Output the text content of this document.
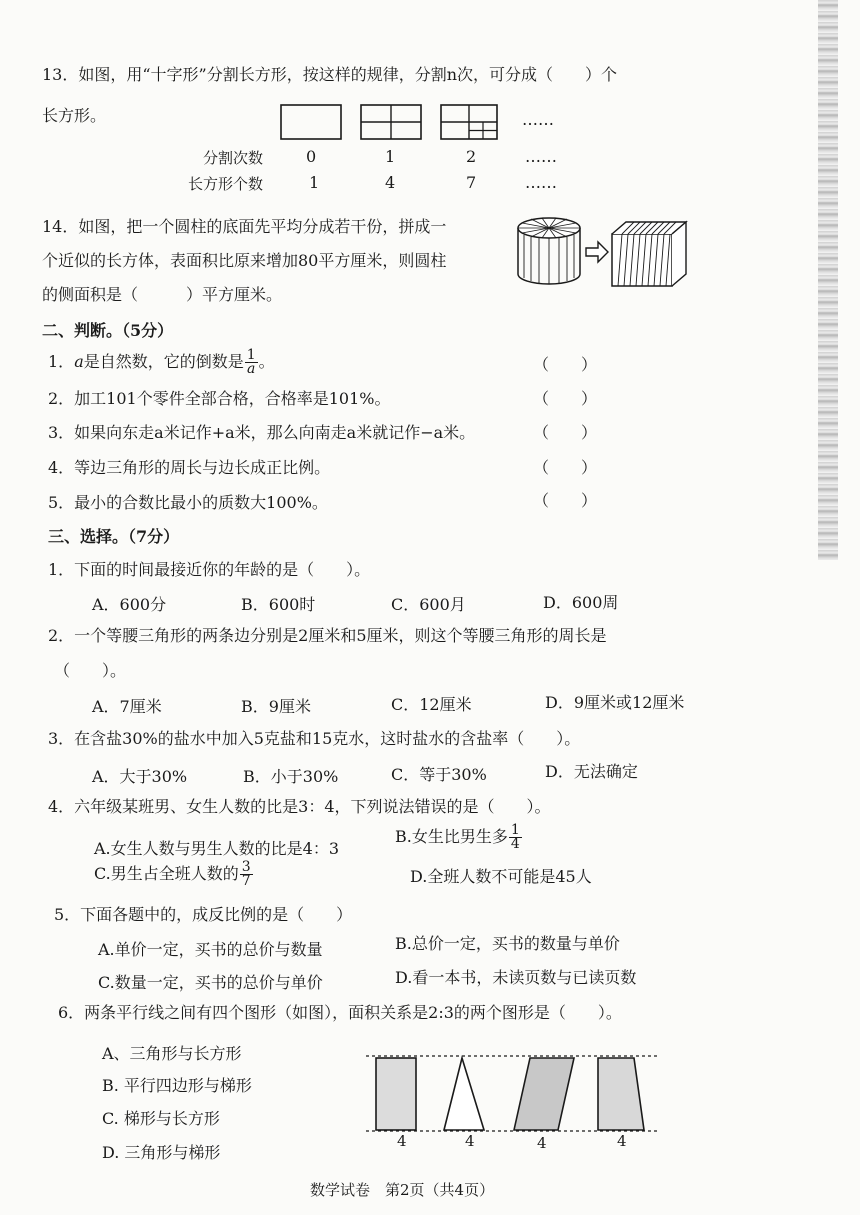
13．如图，用“十字形”分割长方形，按这样的规律，分割n次，可分成（　　）个
长方形。	……
分割次数	0	1	2	……
长方形个数	1	4	7	……
14．如图，把一个圆柱的底面先平均分成若干份，拼成一
个近似的长方体，表面积比原来增加80平方厘米，则圆柱
的侧面积是（　　　）平方厘米。
二、判断。（5分）
1．a是自然数，它的倒数是 $\frac{1}{a}$ 。	（　　）
2．加工101个零件全部合格，合格率是101%。	（　　）
3．如果向东走a米记作+a米，那么向南走a米就记作−a米。	（　　）
4．等边三角形的周长与边长成正比例。	（　　）
5．最小的合数比最小的质数大100%。	（　　）
三、选择。（7分）
1．下面的时间最接近你的年龄的是（　　）。
A．600分	B．600时	C．600月	D．600周
2．一个等腰三角形的两条边分别是2厘米和5厘米，则这个等腰三角形的周长是
（　　）。
A．7厘米	B．9厘米	C．12厘米	D．9厘米或12厘米
3．在含盐30%的盐水中加入5克盐和15克水，这时盐水的含盐率（　　）。
A．大于30%	B．小于30%	C．等于30%	D．无法确定
4．六年级某班男、女生人数的比是3：4，下列说法错误的是（　　）。
A.女生人数与男生人数的比是4：3
B.女生比男生多 $\frac{1}{4}$
C.男生占全班人数的 $\frac{3}{7}$	D.全班人数不可能是45人
5．下面各题中的，成反比例的是（　　）
A.单价一定，买书的总价与数量	B.总价一定，买书的数量与单价
C.数量一定，买书的总价与单价	D.看一本书，未读页数与已读页数
6．两条平行线之间有四个图形（如图），面积关系是2:3的两个图形是（　　）。
A、三角形与长方形
B. 平行四边形与梯形
C. 梯形与长方形
D. 三角形与梯形
4	4	4	4
数学试卷　第2页（共4页）
